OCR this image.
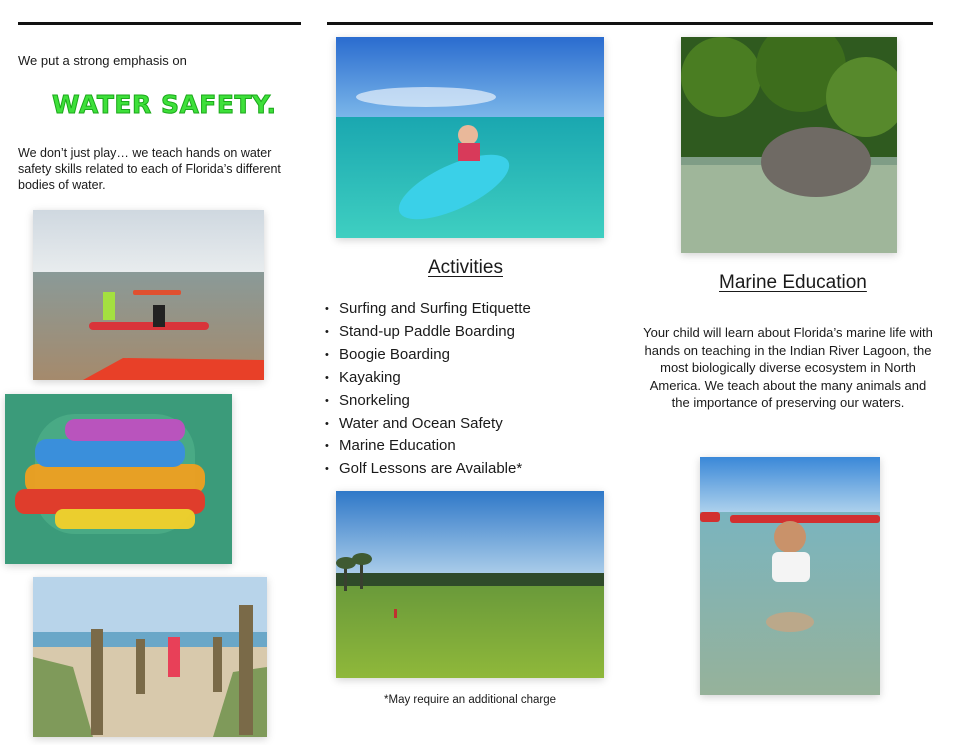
We put a strong emphasis on
WATER SAFETY.
We don’t just play… we teach hands on water safety skills related to each of Florida’s different bodies of water.
Activities
• Surfing and Surfing Etiquette
• Stand-up Paddle Boarding
• Boogie Boarding
• Kayaking
• Snorkeling
• Water and Ocean Safety
• Marine Education
• Golf Lessons are Available*
*May require an additional charge
Marine Education
Your child will learn about Florida’s marine life with hands on teaching in the Indian River Lagoon, the most biologically diverse ecosystem in North America. We teach about the many animals and the importance of preserving our waters.
